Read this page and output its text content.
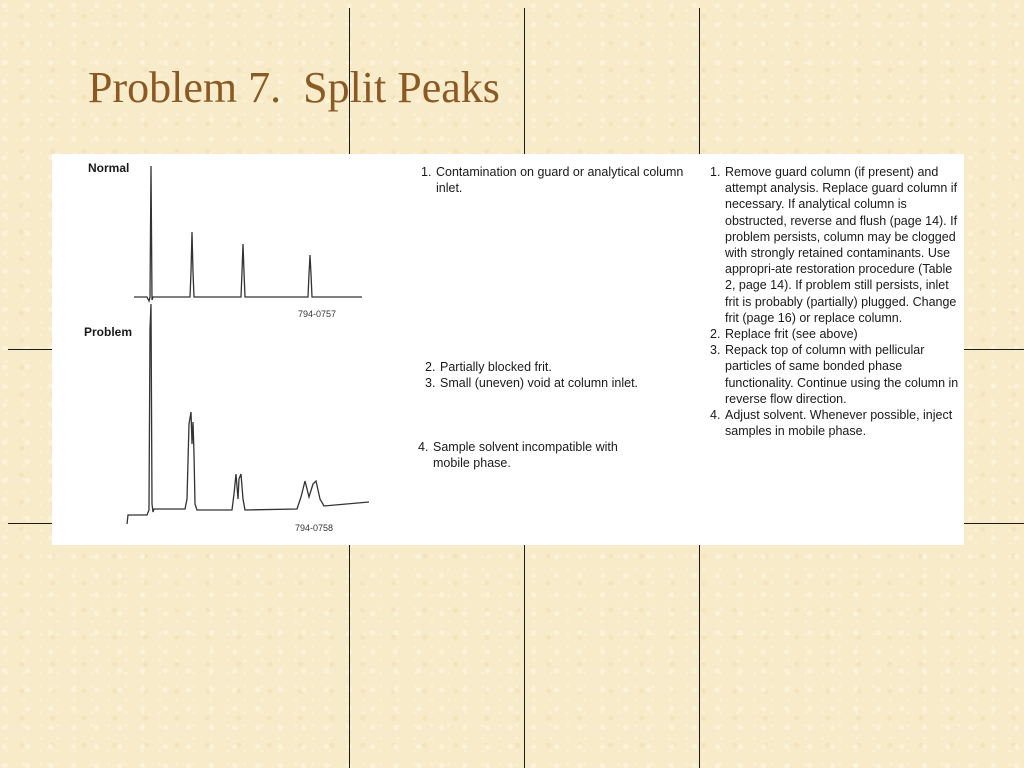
Problem 7.  Split Peaks
Normal
794-0757
Problem
794-0758
1. Contamination on guard or analytical column inlet.
2. Partially blocked frit.
3. Small (uneven) void at column inlet.
4. Sample solvent incompatible with mobile phase.
1. Remove guard column (if present) and attempt analysis. Replace guard column if necessary. If analytical column is obstructed, reverse and flush (page 14). If problem persists, column may be clogged with strongly retained contaminants. Use appropri-ate restoration procedure (Table 2, page 14). If problem still persists, inlet frit is probably (partially) plugged. Change frit (page 16) or replace column.
2. Replace frit (see above)
3. Repack top of column with pellicular particles of same bonded phase functionality. Continue using the column in reverse flow direction.
4. Adjust solvent. Whenever possible, inject samples in mobile phase.
